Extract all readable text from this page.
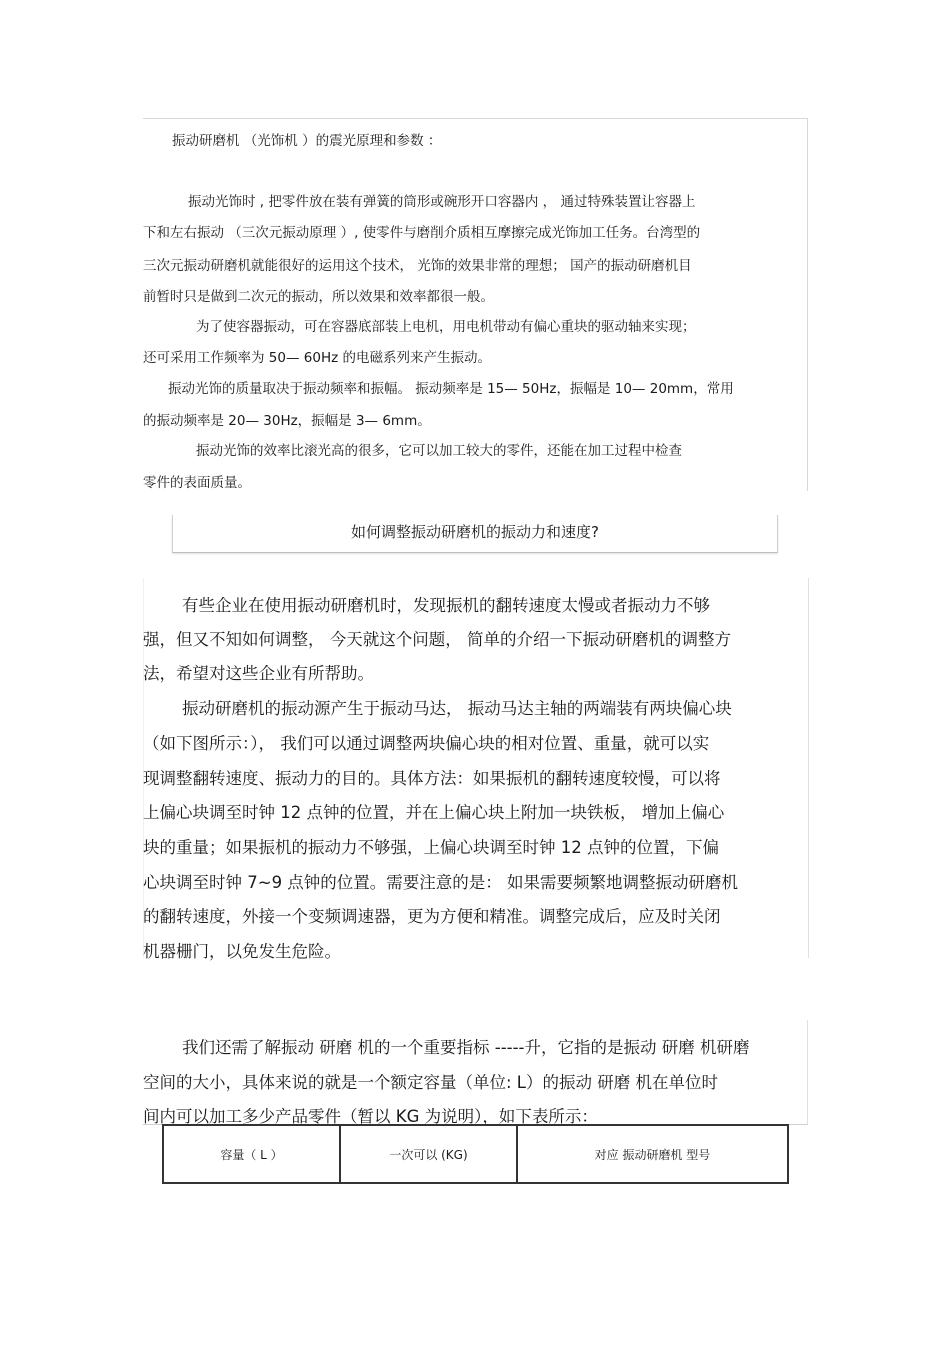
振动研磨机 （光饰机 ）的震光原理和参数 ：
振动光饰时 , 把零件放在装有弹簧的筒形或碗形开口容器内 ， 通过特殊装置让容器上
下和左右振动 （三次元振动原理 ）, 使零件与磨削介质相互摩擦完成光饰加工任务。台湾型的
三次元振动研磨机就能很好的运用这个技术， 光饰的效果非常的理想； 国产的振动研磨机目
前暂时只是做到二次元的振动，所以效果和效率都很一般。
为了使容器振动，可在容器底部装上电机，用电机带动有偏心重块的驱动轴来实现；
还可采用工作频率为 50— 60Hz 的电磁系列来产生振动。
振动光饰的质量取决于振动频率和振幅。 振动频率是 15— 50Hz，振幅是 10— 20mm，常用
的振动频率是 20— 30Hz，振幅是 3— 6mm。
振动光饰的效率比滚光高的很多，它可以加工较大的零件，还能在加工过程中检查
零件的表面质量。
如何调整振动研磨机的振动力和速度?
有些企业在使用振动研磨机时，发现振机的翻转速度太慢或者振动力不够
强，但又不知如何调整， 今天就这个问题， 简单的介绍一下振动研磨机的调整方
法，希望对这些企业有所帮助。
振动研磨机的振动源产生于振动马达， 振动马达主轴的两端装有两块偏心块
（如下图所示：）， 我们可以通过调整两块偏心块的相对位置、重量，就可以实
现调整翻转速度、振动力的目的。具体方法：如果振机的翻转速度较慢，可以将
上偏心块调至时钟 12 点钟的位置，并在上偏心块上附加一块铁板， 增加上偏心
块的重量；如果振机的振动力不够强，上偏心块调至时钟 12 点钟的位置，下偏
心块调至时钟 7~9 点钟的位置。需要注意的是： 如果需要频繁地调整振动研磨机
的翻转速度，外接一个变频调速器，更为方便和精准。调整完成后，应及时关闭
机器栅门，以免发生危险。
我们还需了解振动 研磨 机的一个重要指标 -----升，它指的是振动 研磨 机研磨
空间的大小，具体来说的就是一个额定容量（单位: L）的振动 研磨 机在单位时
间内可以加工多少产品零件（暂以 KG 为说明），如下表所示：
容量（ L ）	一次可以 (KG)	对应 振动研磨机 型号
